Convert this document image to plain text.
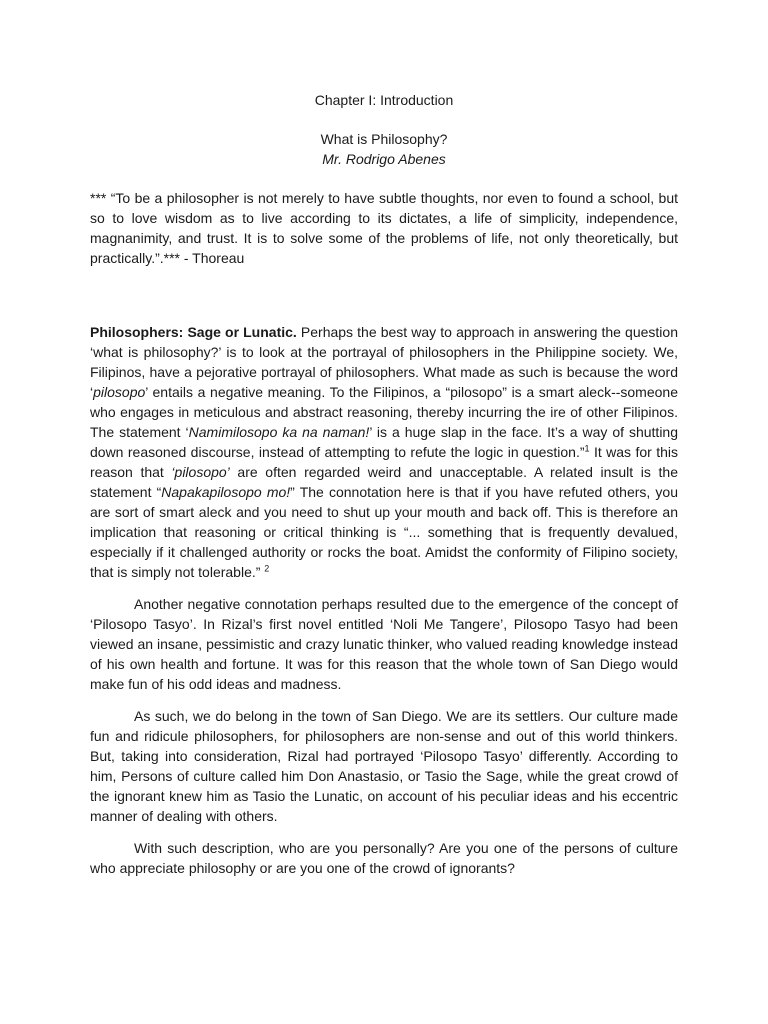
Chapter I: Introduction

What is Philosophy?

Mr. Rodrigo Abenes

*** “To be a philosopher is not merely to have subtle thoughts, nor even to found a school, but so to love wisdom as to live according to its dictates, a life of simplicity, independence, magnanimity, and trust. It is to solve some of the problems of life, not only theoretically, but practically.”.*** - Thoreau

Philosophers: Sage or Lunatic. Perhaps the best way to approach in answering the question ‘what is philosophy?’ is to look at the portrayal of philosophers in the Philippine society. We, Filipinos, have a pejorative portrayal of philosophers. What made as such is because the word ‘pilosopo’ entails a negative meaning. To the Filipinos, a “pilosopo” is a smart aleck--someone who engages in meticulous and abstract reasoning, thereby incurring the ire of other Filipinos. The statement ‘Namimilosopo ka na naman!’ is a huge slap in the face. It’s a way of shutting down reasoned discourse, instead of attempting to refute the logic in question.”$^1$ It was for this reason that ‘pilosopo’ are often regarded weird and unacceptable. A related insult is the statement “Napakapilosopo mo!” The connotation here is that if you have refuted others, you are sort of smart aleck and you need to shut up your mouth and back off. This is therefore an implication that reasoning or critical thinking is “... something that is frequently devalued, especially if it challenged authority or rocks the boat. Amidst the conformity of Filipino society, that is simply not tolerable.” $^2$

Another negative connotation perhaps resulted due to the emergence of the concept of ‘Pilosopo Tasyo’. In Rizal’s first novel entitled ‘Noli Me Tangere’, Pilosopo Tasyo had been viewed an insane, pessimistic and crazy lunatic thinker, who valued reading knowledge instead of his own health and fortune. It was for this reason that the whole town of San Diego would make fun of his odd ideas and madness.

As such, we do belong in the town of San Diego. We are its settlers. Our culture made fun and ridicule philosophers, for philosophers are non-sense and out of this world thinkers. But, taking into consideration, Rizal had portrayed ‘Pilosopo Tasyo’ differently. According to him, Persons of culture called him Don Anastasio, or Tasio the Sage, while the great crowd of the ignorant knew him as Tasio the Lunatic, on account of his peculiar ideas and his eccentric manner of dealing with others.

With such description, who are you personally? Are you one of the persons of culture who appreciate philosophy or are you one of the crowd of ignorants?
